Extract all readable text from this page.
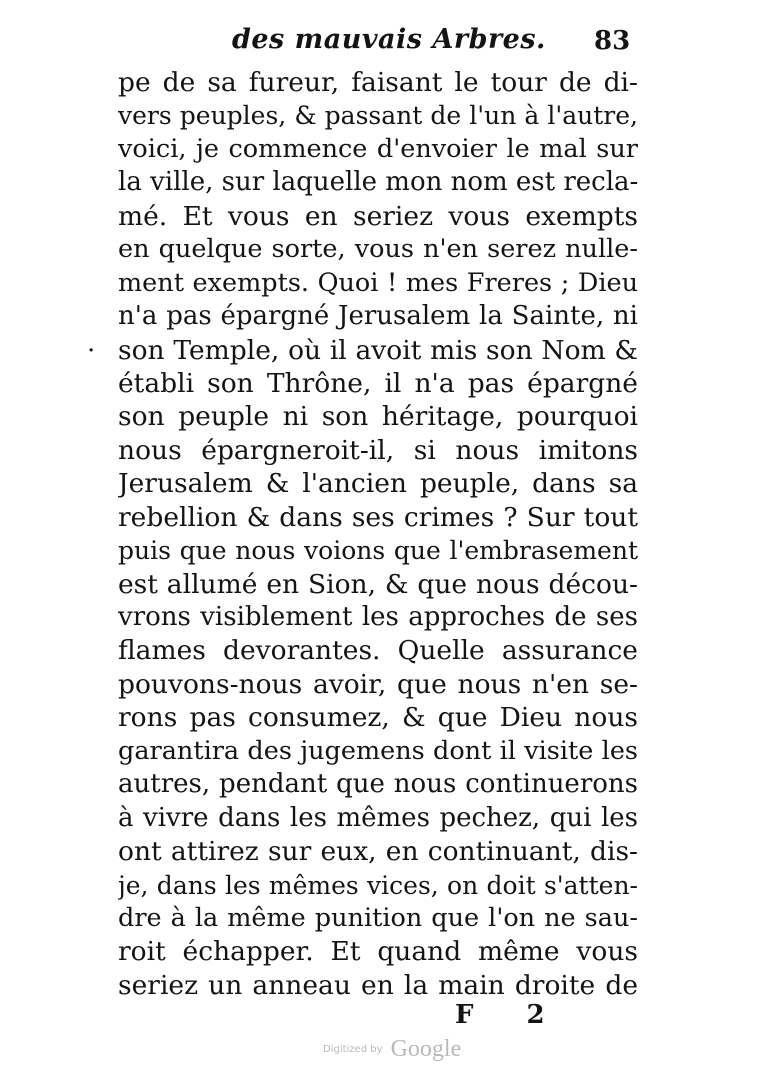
des mauvais Arbres. 83
·
pe de sa fureur, faisant le tour de di-
vers peuples, & passant de l'un à l'autre,
voici, je commence d'envoier le mal sur
la ville, sur laquelle mon nom est recla-
mé. Et vous en seriez vous exempts
en quelque sorte, vous n'en serez nulle-
ment exempts. Quoi ! mes Freres ; Dieu
n'a pas épargné Jerusalem la Sainte, ni
son Temple, où il avoit mis son Nom &
établi son Thrône, il n'a pas épargné
son peuple ni son héritage, pourquoi
nous épargneroit-il, si nous imitons
Jerusalem & l'ancien peuple, dans sa
rebellion & dans ses crimes ? Sur tout
puis que nous voions que l'embrasement
est allumé en Sion, & que nous décou-
vrons visiblement les approches de ses
flames devorantes. Quelle assurance
pouvons-nous avoir, que nous n'en se-
rons pas consumez, & que Dieu nous
garantira des jugemens dont il visite les
autres, pendant que nous continuerons
à vivre dans les mêmes pechez, qui les
ont attirez sur eux, en continuant, dis-
je, dans les mêmes vices, on doit s'atten-
dre à la même punition que l'on ne sau-
roit échapper. Et quand même vous
seriez un anneau en la main droite de
F 2
$^{Digitized by}$ Google
